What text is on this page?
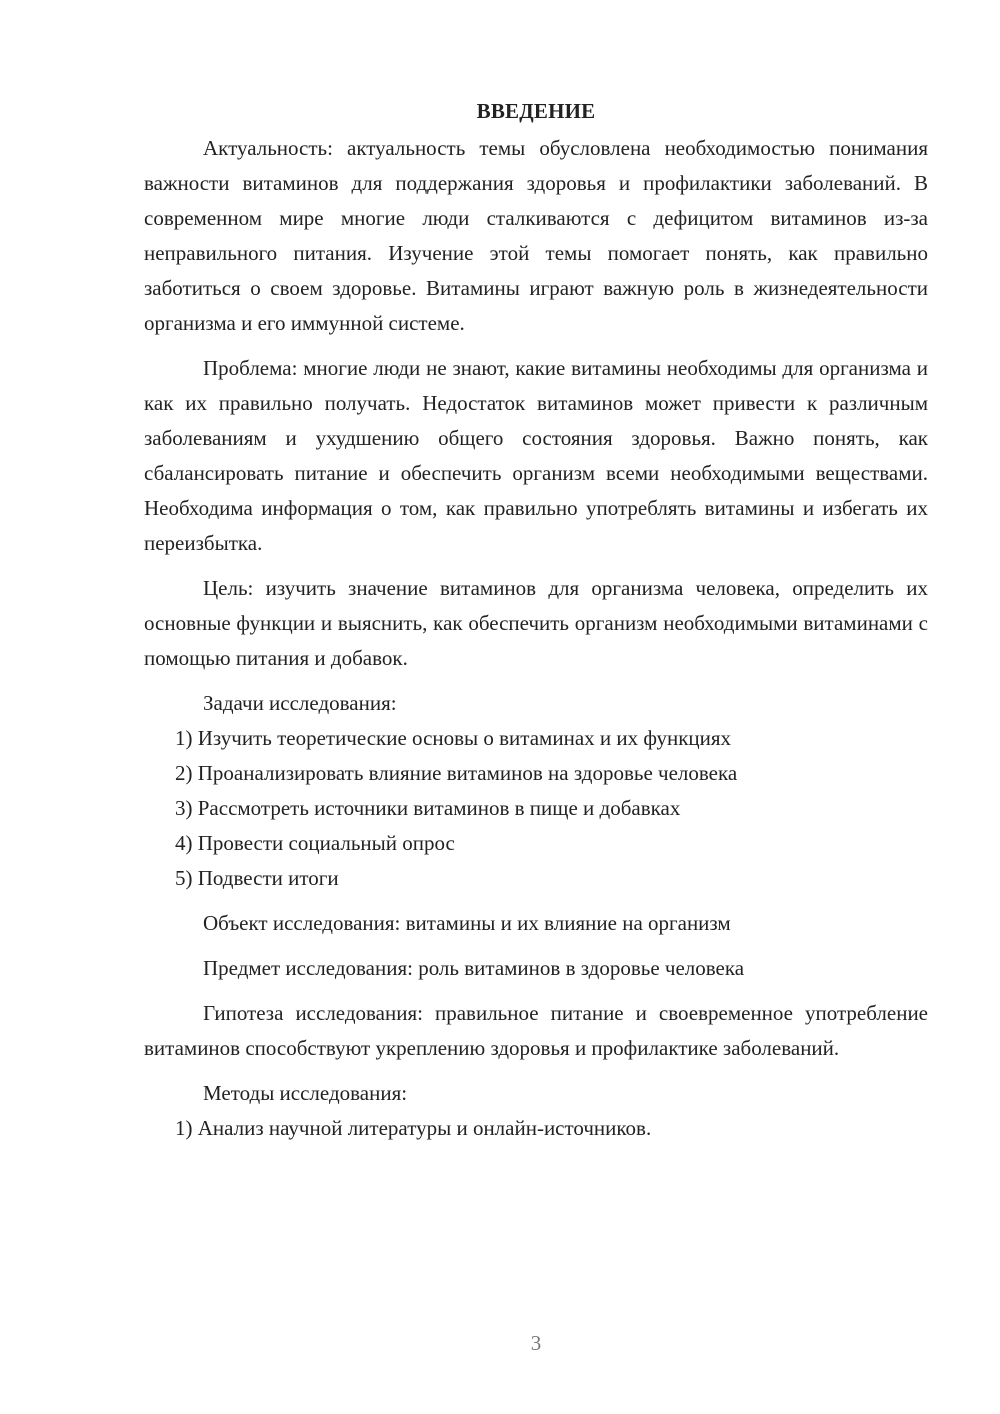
ВВЕДЕНИЕ

Актуальность: актуальность темы обусловлена необходимостью понимания важности витаминов для поддержания здоровья и профилактики заболеваний. В современном мире многие люди сталкиваются с дефицитом витаминов из-за неправильного питания. Изучение этой темы помогает понять, как правильно заботиться о своем здоровье. Витамины играют важную роль в жизнедеятельности организма и его иммунной системе.

Проблема: многие люди не знают, какие витамины необходимы для организма и как их правильно получать. Недостаток витаминов может привести к различным заболеваниям и ухудшению общего состояния здоровья. Важно понять, как сбалансировать питание и обеспечить организм всеми необходимыми веществами. Необходима информация о том, как правильно употреблять витамины и избегать их переизбытка.

Цель: изучить значение витаминов для организма человека, определить их основные функции и выяснить, как обеспечить организм необходимыми витаминами с помощью питания и добавок.

Задачи исследования:

1) Изучить теоретические основы о витаминах и их функциях

2) Проанализировать влияние витаминов на здоровье человека

3) Рассмотреть источники витаминов в пище и добавках

4) Провести социальный опрос

5) Подвести итоги

Объект исследования: витамины и их влияние на организм

Предмет исследования: роль витаминов в здоровье человека

Гипотеза исследования: правильное питание и своевременное употребление витаминов способствуют укреплению здоровья и профилактике заболеваний.

Методы исследования:

1) Анализ научной литературы и онлайн-источников.

3
